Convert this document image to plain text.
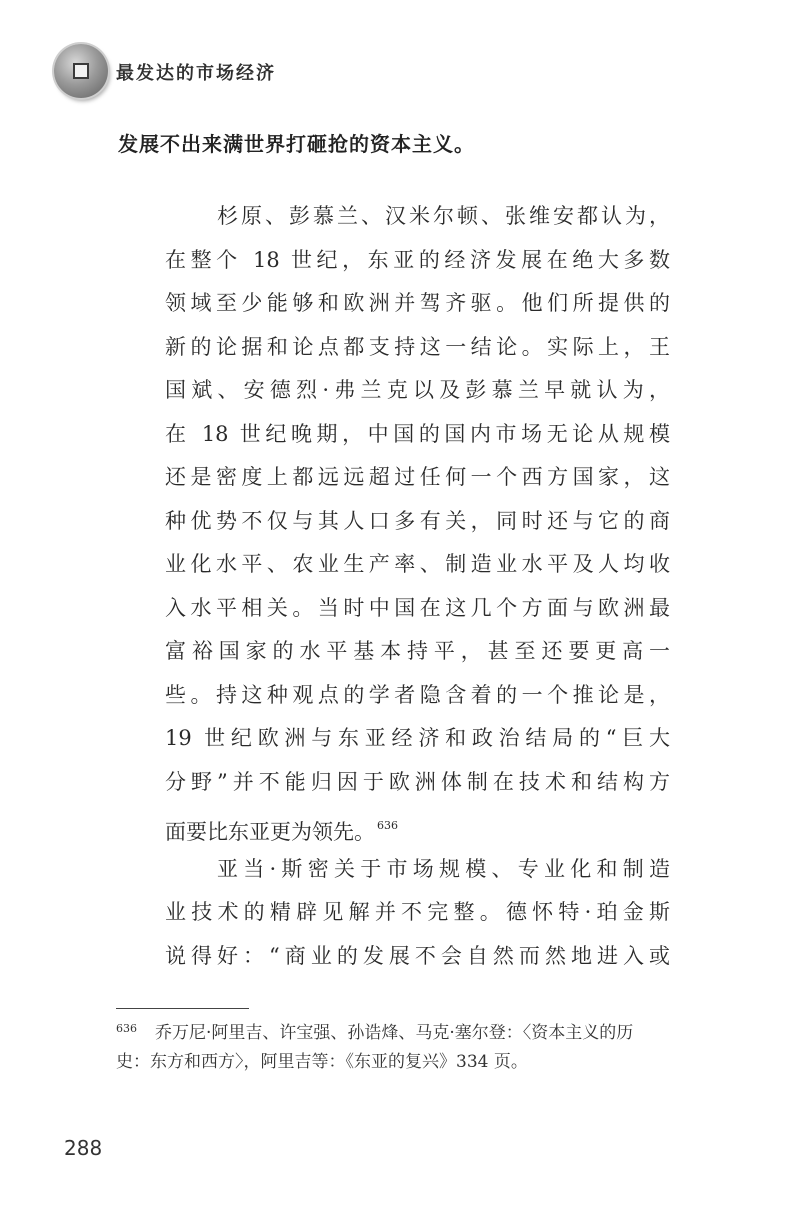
最发达的市场经济
发展不出来满世界打砸抢的资本主义。
杉原、彭慕兰、汉米尔顿、张维安都认为，
在整个 18 世纪，东亚的经济发展在绝大多数
领域至少能够和欧洲并驾齐驱。他们所提供的
新的论据和论点都支持这一结论。实际上，王
国斌、安德烈·弗兰克以及彭慕兰早就认为，
在 18 世纪晚期，中国的国内市场无论从规模
还是密度上都远远超过任何一个西方国家，这
种优势不仅与其人口多有关，同时还与它的商
业化水平、农业生产率、制造业水平及人均收
入水平相关。当时中国在这几个方面与欧洲最
富裕国家的水平基本持平，甚至还要更高一
些。持这种观点的学者隐含着的一个推论是，
19 世纪欧洲与东亚经济和政治结局的“巨大
分野”并不能归因于欧洲体制在技术和结构方
面要比东亚更为领先。 $^{636}$
亚当·斯密关于市场规模、专业化和制造
业技术的精辟见解并不完整。德怀特·珀金斯
说得好：“商业的发展不会自然而然地进入或
$^{636}$ 乔万尼·阿里吉、许宝强、孙诰烽、马克·塞尔登：〈资本主义的历史：东方和西方〉，阿里吉等：《东亚的复兴》334 页。
288
